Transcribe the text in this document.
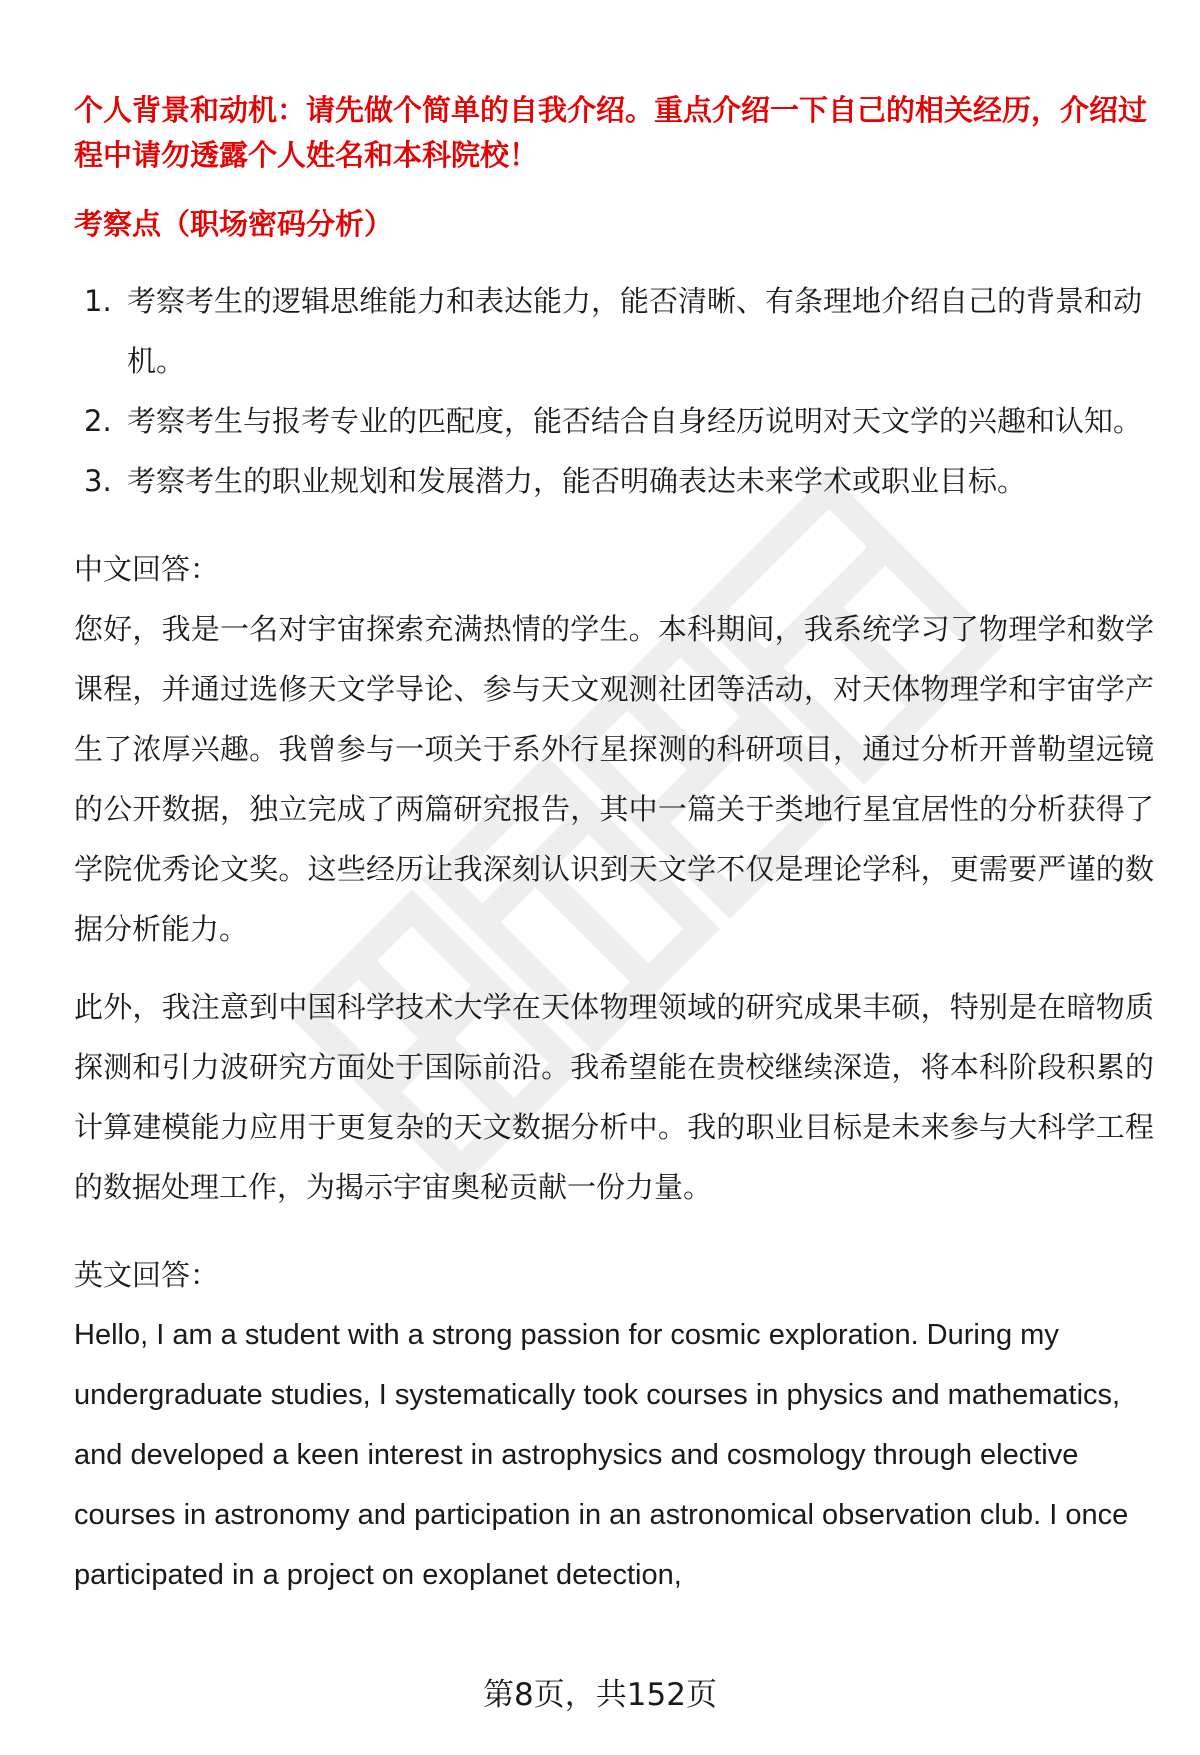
个人背景和动机：请先做个简单的自我介绍。重点介绍一下自己的相关经历，介绍过程中请勿透露个人姓名和本科院校！
考察点（职场密码分析）
1. 考察考生的逻辑思维能力和表达能力，能否清晰、有条理地介绍自己的背景和动机。
2. 考察考生与报考专业的匹配度，能否结合自身经历说明对天文学的兴趣和认知。
3. 考察考生的职业规划和发展潜力，能否明确表达未来学术或职业目标。
中文回答：

您好，我是一名对宇宙探索充满热情的学生。本科期间，我系统学习了物理学和数学课程，并通过选修天文学导论、参与天文观测社团等活动，对天体物理学和宇宙学产生了浓厚兴趣。我曾参与一项关于系外行星探测的科研项目，通过分析开普勒望远镜的公开数据，独立完成了两篇研究报告，其中一篇关于类地行星宜居性的分析获得了学院优秀论文奖。这些经历让我深刻认识到天文学不仅是理论学科，更需要严谨的数据分析能力。

此外，我注意到中国科学技术大学在天体物理领域的研究成果丰硕，特别是在暗物质探测和引力波研究方面处于国际前沿。我希望能在贵校继续深造，将本科阶段积累的计算建模能力应用于更复杂的天文数据分析中。我的职业目标是未来参与大科学工程的数据处理工作，为揭示宇宙奥秘贡献一份力量。

英文回答：

Hello, I am a student with a strong passion for cosmic exploration. During my undergraduate studies, I systematically took courses in physics and mathematics, and developed a keen interest in astrophysics and cosmology through elective courses in astronomy and participation in an astronomical observation club. I once participated in a project on exoplanet detection,

第8页，共152页
